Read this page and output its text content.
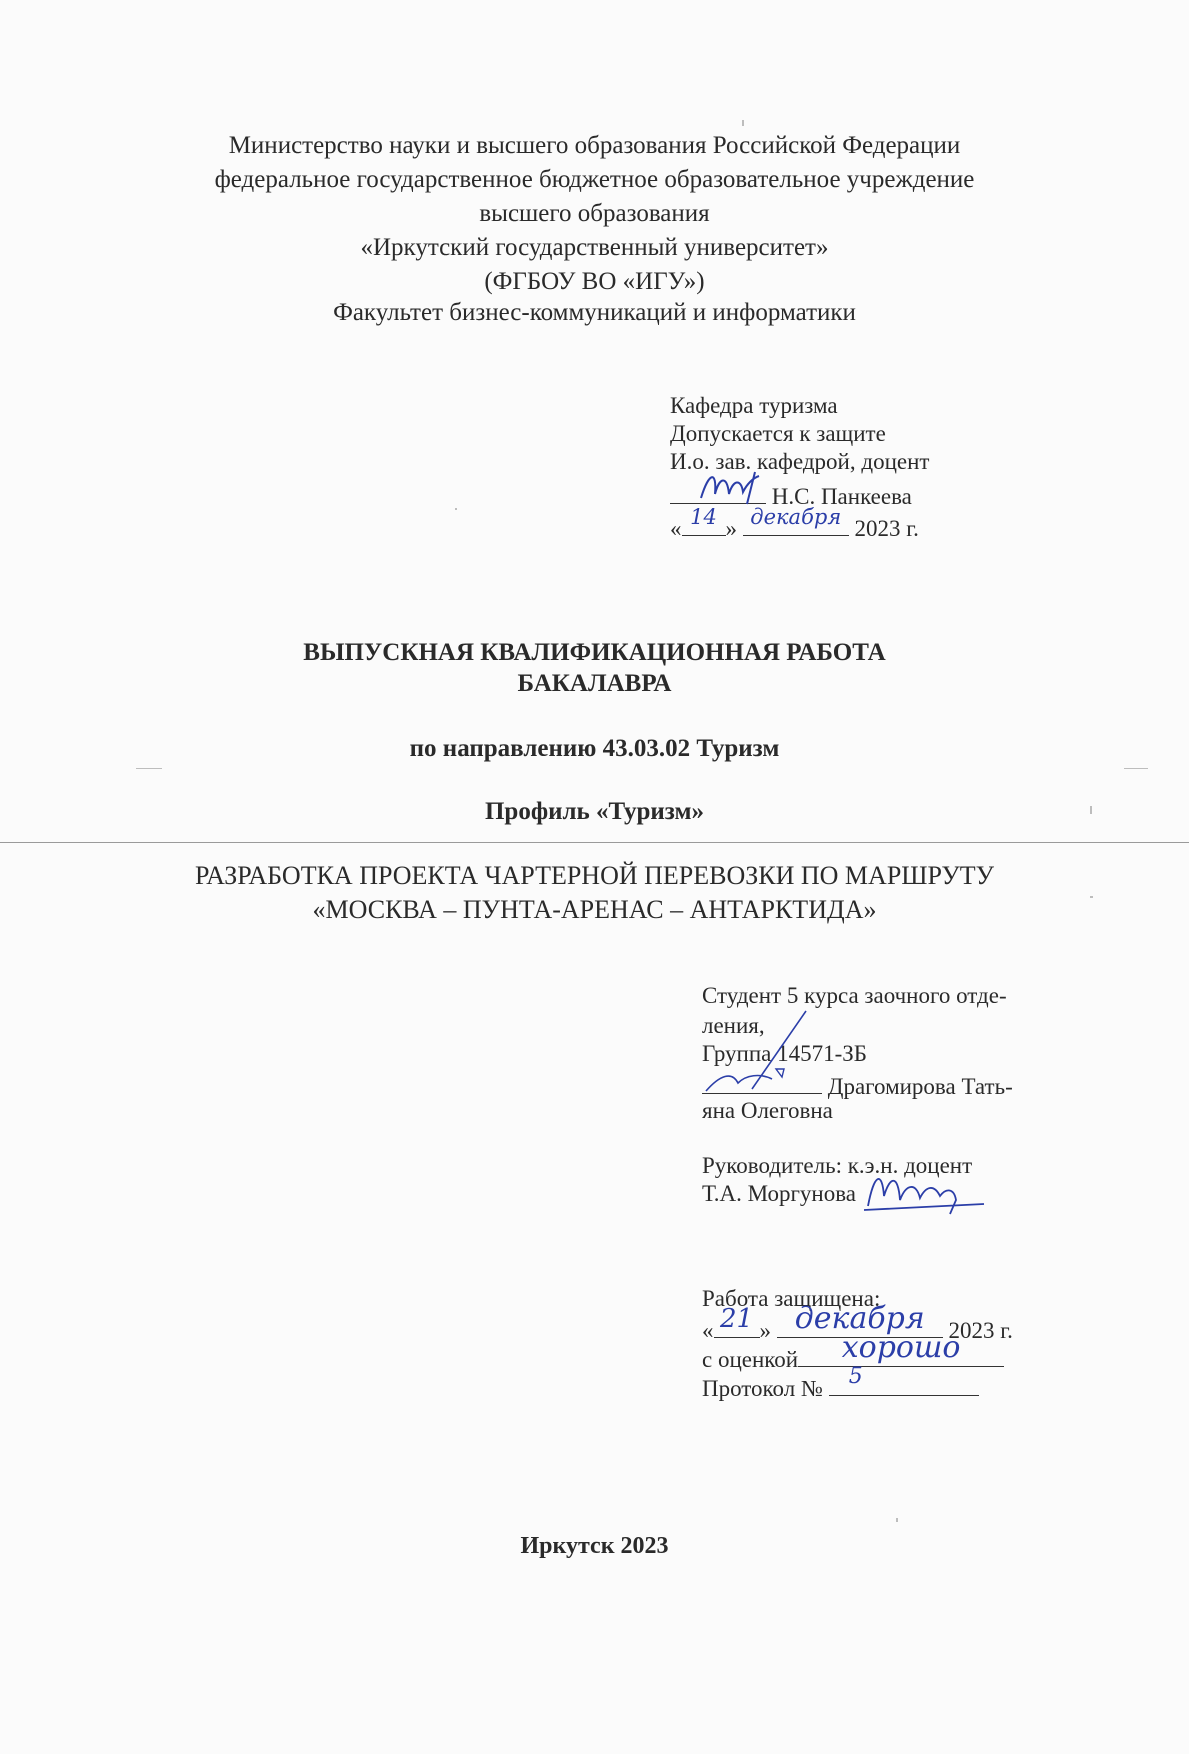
Министерство науки и высшего образования Российской Федерации
федеральное государственное бюджетное образовательное учреждение
высшего образования
«Иркутский государственный университет»
(ФГБОУ ВО «ИГУ»)
Факультет бизнес-коммуникаций и информатики
Кафедра туризма
Допускается к защите
И.о. зав. кафедрой, доцент
Н.С. Панкеева
« 14 » декабря 2023 г.
ВЫПУСКНАЯ КВАЛИФИКАЦИОННАЯ РАБОТА
БАКАЛАВРА
по направлению 43.03.02 Туризм
Профиль «Туризм»
РАЗРАБОТКА ПРОЕКТА ЧАРТЕРНОЙ ПЕРЕВОЗКИ ПО МАРШРУТУ
«МОСКВА – ПУНТА-АРЕНАС – АНТАРКТИДА»
Студент 5 курса заочного отде-
ления,
Группа 14571-ЗБ
Драгомирова Тать-
яна Олеговна
Руководитель: к.э.н. доцент
Т.А. Моргунова
Работа защищена:
« 21 » декабря	2023 г.
с оценкой	хорошо
Протокол №	5
Иркутск 2023
